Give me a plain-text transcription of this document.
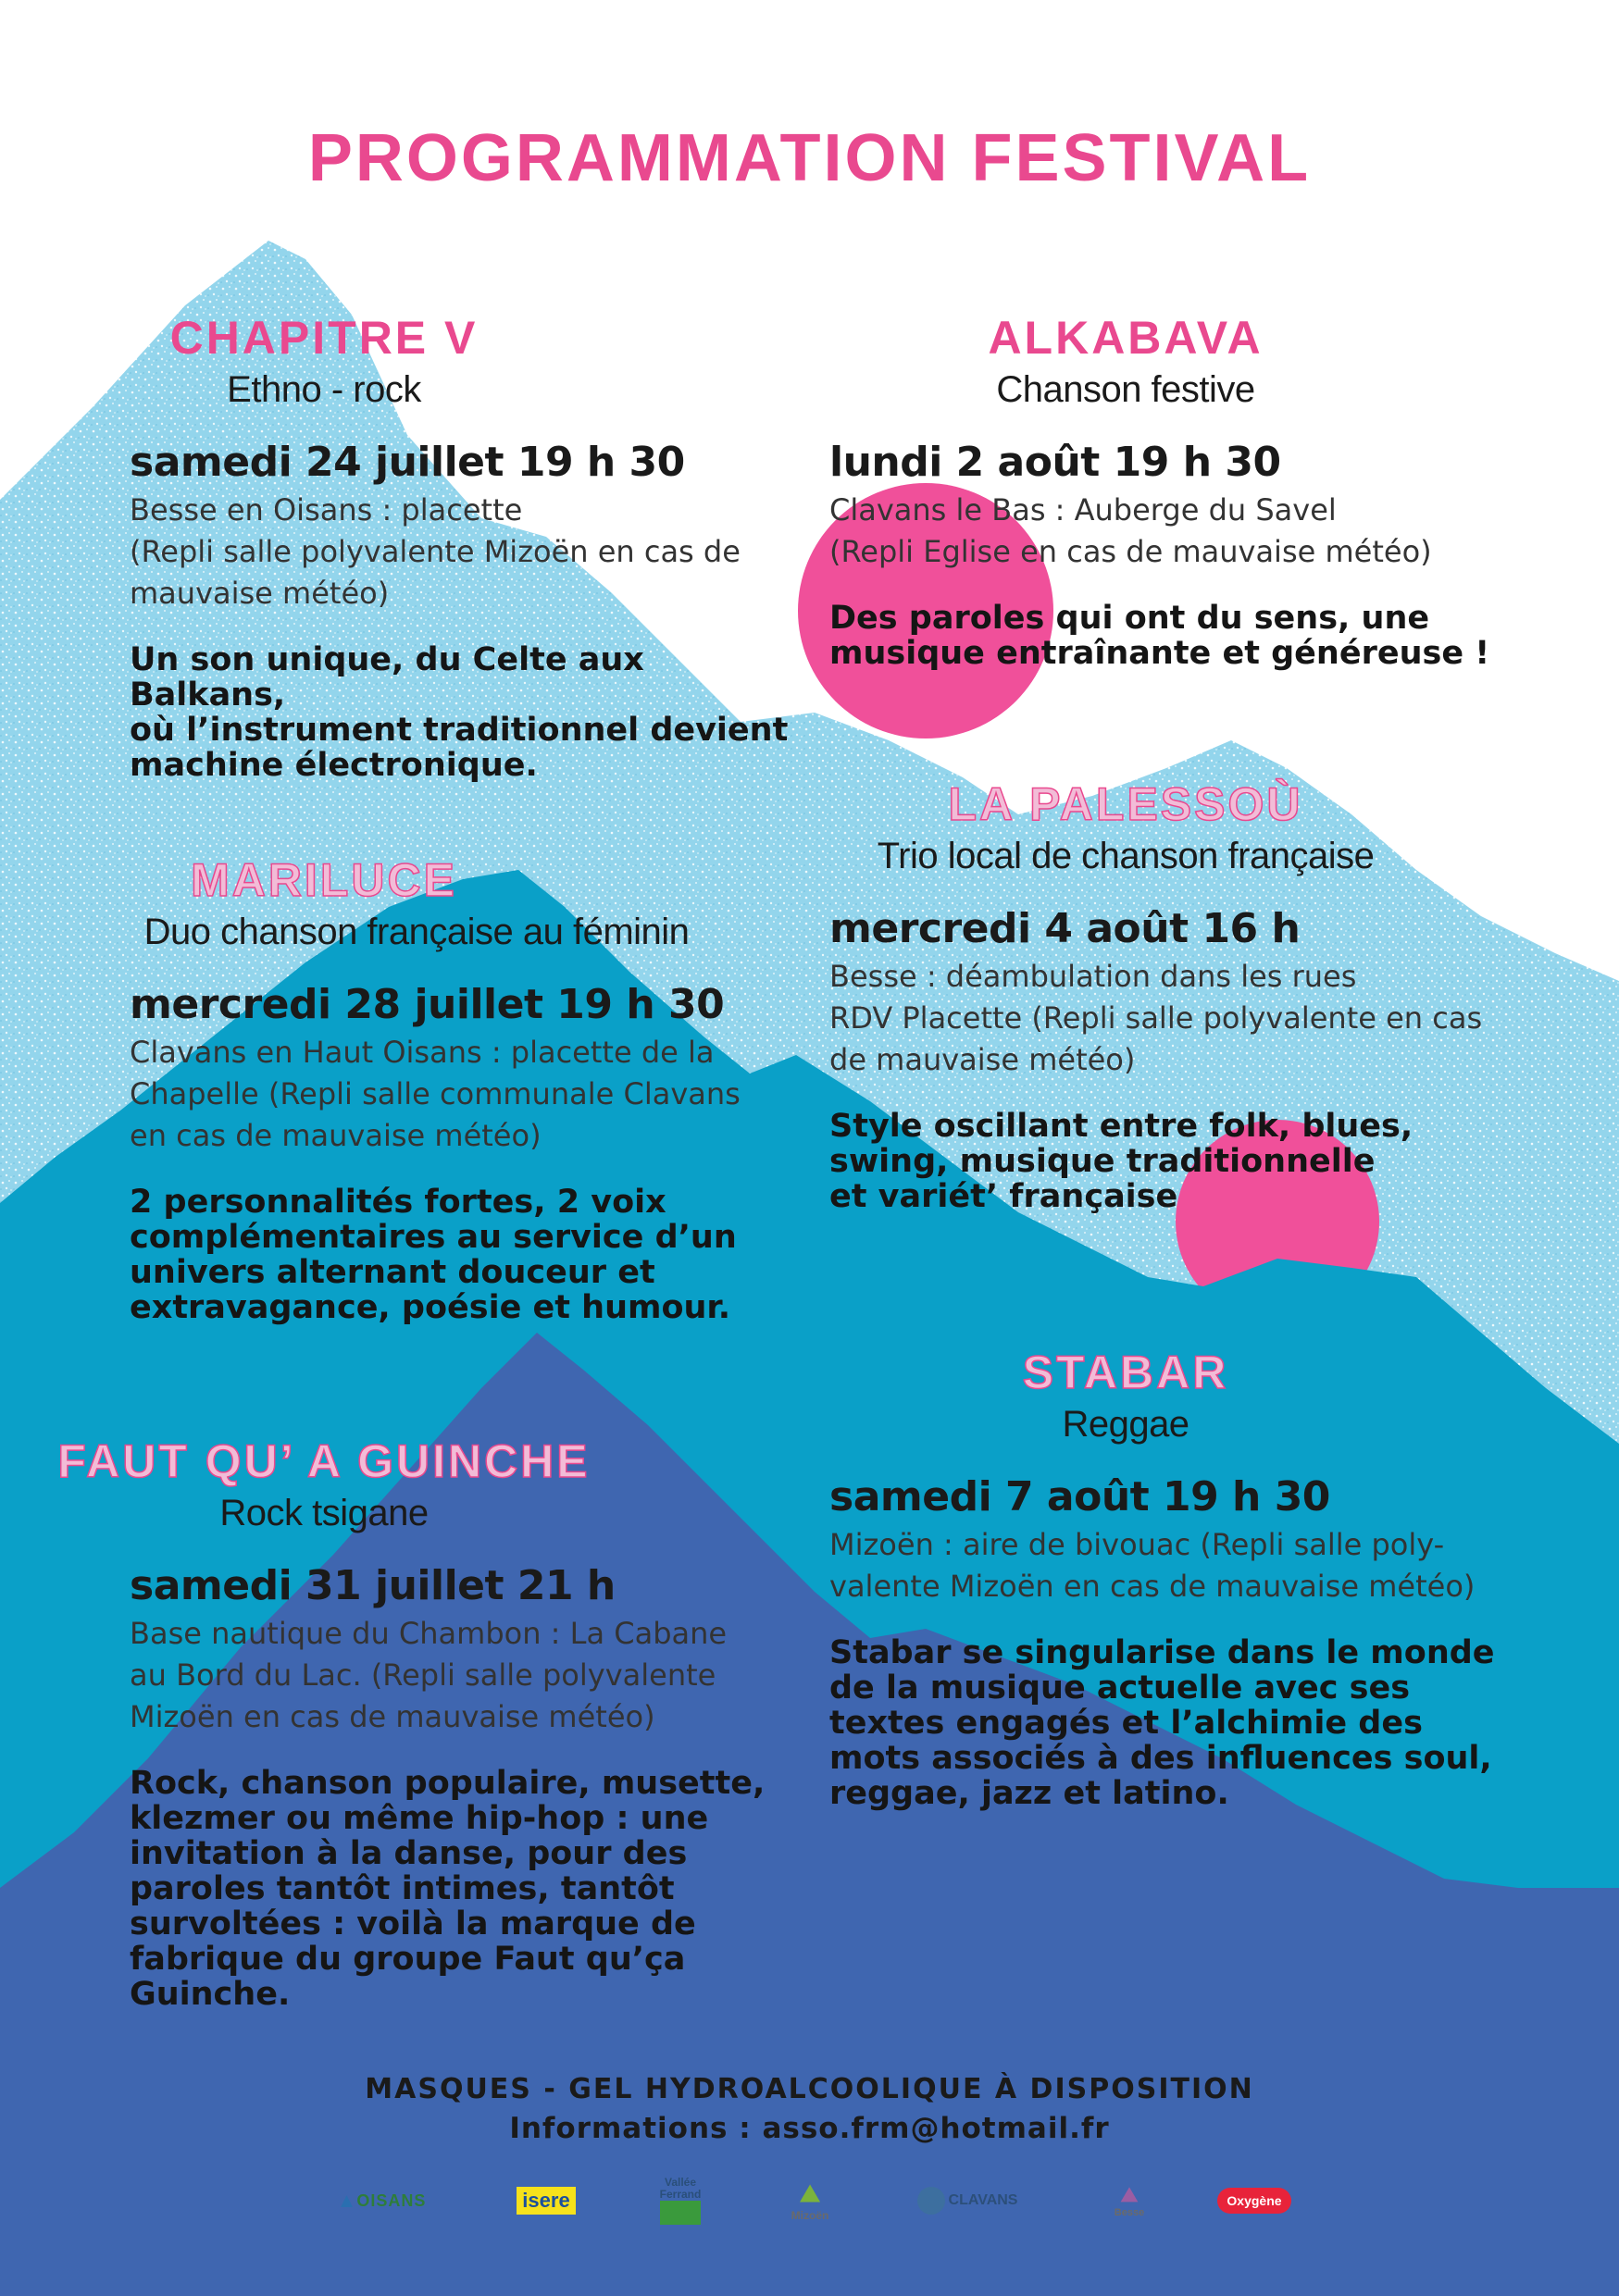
PROGRAMMATION FESTIVAL
CHAPITRE V
Ethno - rock
samedi 24 juillet 19 h 30
Besse en Oisans : placette
(Repli salle polyvalente Mizoën en cas de
mauvaise météo)
Un son unique, du Celte aux Balkans,
où l’instrument traditionnel devient
machine électronique.
MARILUCE
Duo chanson française au féminin
mercredi 28 juillet 19 h 30
Clavans en Haut Oisans : placette de la
Chapelle (Repli salle communale Clavans
en cas de mauvaise météo)
2 personnalités fortes, 2 voix
complémentaires au service d’un
univers alternant douceur et
extravagance, poésie et humour.
FAUT QU’ A GUINCHE
Rock tsigane
samedi 31 juillet 21 h
Base nautique du Chambon : La Cabane
au Bord du Lac. (Repli salle polyvalente
Mizoën en cas de mauvaise météo)
Rock, chanson populaire, musette,
klezmer ou même hip-hop : une
invitation à la danse, pour des
paroles tantôt intimes, tantôt
survoltées : voilà la marque de
fabrique du groupe Faut qu’ça
Guinche.
ALKABAVA
Chanson festive
lundi 2 août 19 h 30
Clavans le Bas : Auberge du Savel
(Repli Eglise en cas de mauvaise météo)
Des paroles qui ont du sens, une
musique entraînante et généreuse !
LA PALESSOÙ
Trio local de chanson française
mercredi 4 août 16 h
Besse : déambulation dans les rues
RDV Placette (Repli salle polyvalente en cas
de mauvaise météo)
Style oscillant entre folk, blues,
swing, musique traditionnelle
et variét’ française
STABAR
Reggae
samedi 7 août 19 h 30
Mizoën : aire de bivouac (Repli salle poly-
valente Mizoën en cas de mauvaise météo)
Stabar se singularise dans le monde
de la musique actuelle avec ses
textes engagés et l’alchimie des
mots associés à des influences soul,
reggae, jazz et latino.
MASQUES - GEL HYDROALCOOLIQUE À DISPOSITION
Informations : asso.frm@hotmail.fr
▲ OISANS	isere
Vallée Ferrand	⛰
Mizoën
CLAVANS	⛰
Besse
Oxygène
